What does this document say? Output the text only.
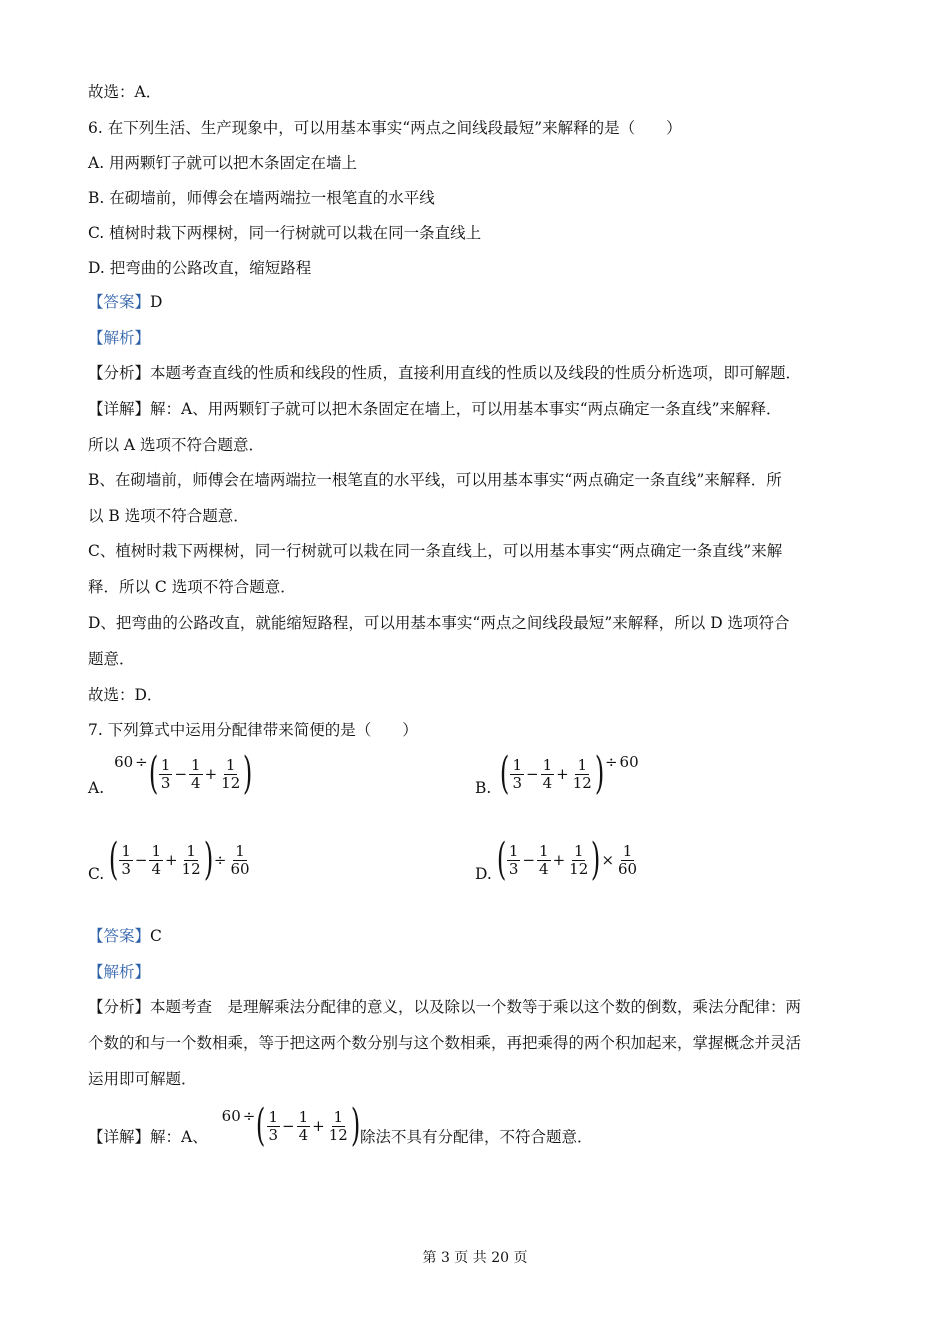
故选：A．
6. 在下列生活、生产现象中，可以用基本事实“两点之间线段最短”来解释的是（　　）
A. 用两颗钉子就可以把木条固定在墙上
B. 在砌墙前，师傅会在墙两端拉一根笔直的水平线
C. 植树时栽下两棵树，同一行树就可以栽在同一条直线上
D. 把弯曲的公路改直，缩短路程
【答案】D
【解析】
【分析】本题考查直线的性质和线段的性质，直接利用直线的性质以及线段的性质分析选项，即可解题．
【详解】解：A、用两颗钉子就可以把木条固定在墙上，可以用基本事实“两点确定一条直线”来解释．
所以 A 选项不符合题意．
B、在砌墙前，师傅会在墙两端拉一根笔直的水平线，可以用基本事实“两点确定一条直线”来解释．所
以 B 选项不符合题意．
C、植树时栽下两棵树，同一行树就可以栽在同一条直线上，可以用基本事实“两点确定一条直线”来解
释．所以 C 选项不符合题意．
D、把弯曲的公路改直，就能缩短路程，可以用基本事实“两点之间线段最短”来解释，所以 D 选项符合
题意．
故选：D．
7. 下列算式中运用分配律带来简便的是（　　）
A.
60 ÷ ( $\frac{1}{3} - \frac{1}{4} + \frac{1}{12}$ )	B. ( $\frac{1}{3} - \frac{1}{4} + \frac{1}{12}$ ) ÷ 60
C. ( $\frac{1}{3} - \frac{1}{4} + \frac{1}{12}$ ) ÷ $\frac{1}{60}$	D. ( $\frac{1}{3} - \frac{1}{4} + \frac{1}{12}$ ) × $\frac{1}{60}$
【答案】C
【解析】
【分析】本题考查　是理解乘法分配律的意义，以及除以一个数等于乘以这个数的倒数，乘法分配律：两
个数的和与一个数相乘，等于把这两个数分别与这个数相乘，再把乘得的两个积加起来，掌握概念并灵活
运用即可解题．
【详解】解：A、
60 ÷ ( $\frac{1}{3} - \frac{1}{4} + \frac{1}{12}$ ) 除法不具有分配律，不符合题意．
第 3 页 共 20 页
